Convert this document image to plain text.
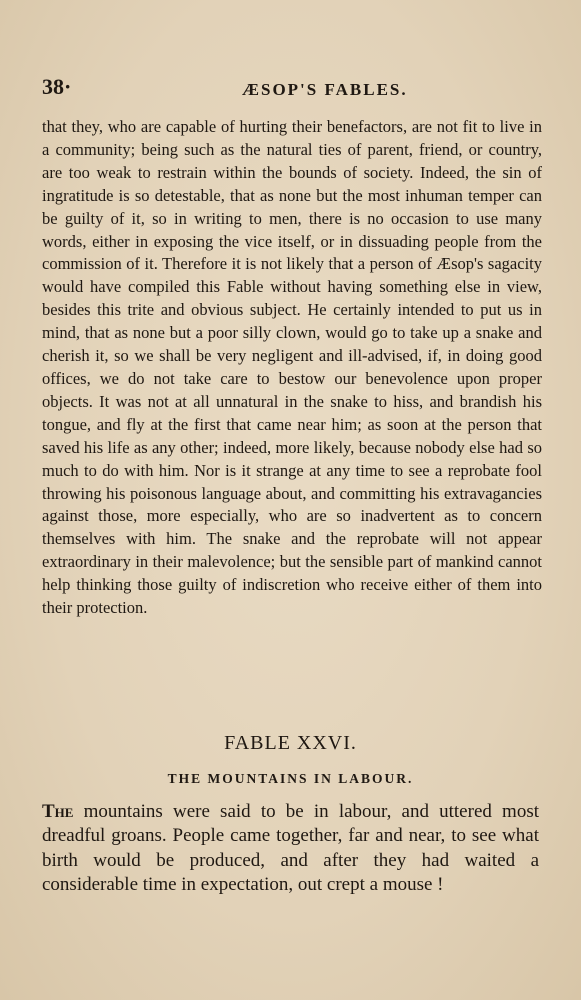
38·	ÆSOP'S FABLES.

that they, who are capable of hurting their benefactors, are not fit to live in a community; being such as the natural ties of parent, friend, or country, are too weak to restrain within the bounds of society. Indeed, the sin of ingratitude is so detestable, that as none but the most inhuman temper can be guilty of it, so in writing to men, there is no occasion to use many words, either in exposing the vice itself, or in dissuading people from the commission of it. Therefore it is not likely that a person of Æsop's sagacity would have compiled this Fable without having something else in view, besides this trite and obvious subject. He certainly intended to put us in mind, that as none but a poor silly clown, would go to take up a snake and cherish it, so we shall be very negligent and ill-advised, if, in doing good offices, we do not take care to bestow our benevolence upon proper objects. It was not at all unnatural in the snake to hiss, and brandish his tongue, and fly at the first that came near him; as soon at the person that saved his life as any other; indeed, more likely, because nobody else had so much to do with him. Nor is it strange at any time to see a reprobate fool throwing his poisonous language about, and committing his extravagancies against those, more especially, who are so inadvertent as to concern themselves with him. The snake and the reprobate will not appear extraordinary in their malevolence; but the sensible part of mankind cannot help thinking those guilty of indiscretion who receive either of them into their protection.

FABLE XXVI.
THE MOUNTAINS IN LABOUR.

The mountains were said to be in labour, and uttered most dreadful groans. People came together, far and near, to see what birth would be produced, and after they had waited a considerable time in expectation, out crept a mouse !
